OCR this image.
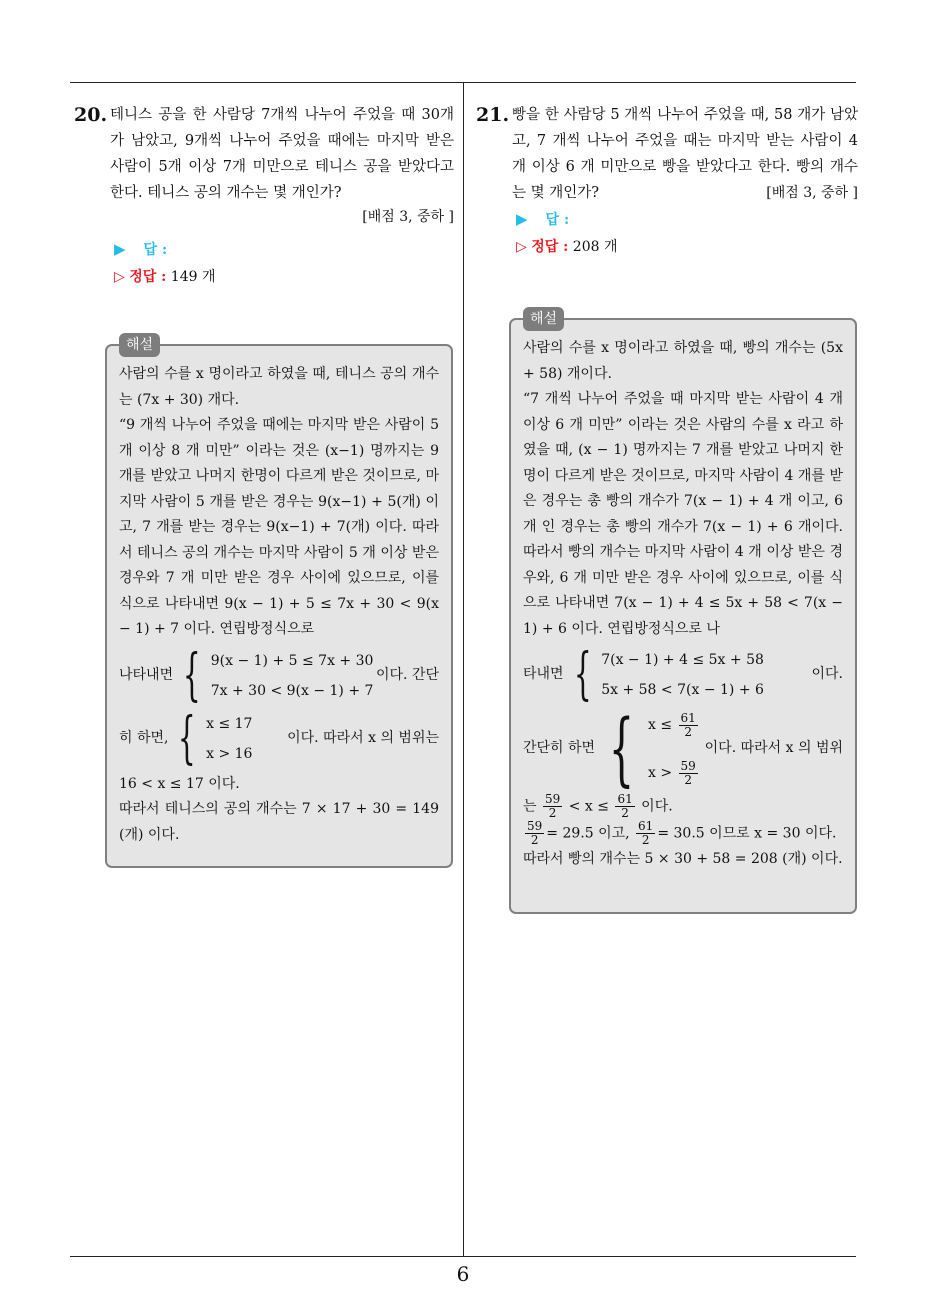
6
20. 테니스 공을 한 사람당 7개씩 나누어 주었을 때 30개가 남았고, 9개씩 나누어 주었을 때에는 마지막 받은 사람이 5개 이상 7개 미만으로 테니스 공을 받았다고 한다. 테니스 공의 개수는 몇 개인가?
[배점 3, 중하 ]
▶ 답 :
▷ 정답 : 149 개
해설
사람의 수를 x 명이라고 하였을 때, 테니스 공의 개수는 (7x + 30) 개다.
“9 개씩 나누어 주었을 때에는 마지막 받은 사람이 5 개 이상 8 개 미만” 이라는 것은 (x−1) 명까지는 9 개를 받았고 나머지 한명이 다르게 받은 것이므로, 마지막 사람이 5 개를 받은 경우는 9(x−1) + 5(개) 이고, 7 개를 받는 경우는 9(x−1) + 7(개) 이다. 따라서 테니스 공의 개수는 마지막 사람이 5 개 이상 받은 경우와 7 개 미만 받은 경우 사이에 있으므로, 이를 식으로 나타내면 9(x − 1) + 5 ≤ 7x + 30 < 9(x − 1) + 7 이다. 연립방정식으로
나타내면 { 9(x − 1) + 5 ≤ 7x + 30
7x + 30 < 9(x − 1) + 7
이다. 간단
히 하면, { x ≤ 17
x > 16
이다. 따라서 x 의 범위는
16 < x ≤ 17 이다.
따라서 테니스의 공의 개수는 7 × 17 + 30 = 149 (개) 이다.
21. 빵을 한 사람당 5 개씩 나누어 주었을 때, 58 개가 남았고, 7 개씩 나누어 주었을 때는 마지막 받는 사람이 4 개 이상 6 개 미만으로 빵을 받았다고 한다. 빵의 개수는 몇 개인가?	[배점 3, 중하 ]
▶ 답 :
▷ 정답 : 208 개
해설
사람의 수를 x 명이라고 하였을 때, 빵의 개수는 (5x + 58) 개이다.
“7 개씩 나누어 주었을 때 마지막 받는 사람이 4 개 이상 6 개 미만” 이라는 것은 사람의 수를 x 라고 하였을 때, (x − 1) 명까지는 7 개를 받았고 나머지 한 명이 다르게 받은 것이므로, 마지막 사람이 4 개를 받은 경우는 총 빵의 개수가 7(x − 1) + 4 개 이고, 6 개 인 경우는 총 빵의 개수가 7(x − 1) + 6 개이다. 따라서 빵의 개수는 마지막 사람이 4 개 이상 받은 경우와, 6 개 미만 받은 경우 사이에 있으므로, 이를 식으로 나타내면 7(x − 1) + 4 ≤ 5x + 58 < 7(x − 1) + 6 이다. 연립방정식으로 나
타내면 { 7(x − 1) + 4 ≤ 5x + 58
5x + 58 < 7(x − 1) + 6
이다.
간단히 하면 { $x \le \frac{61}{2}$
$x > \frac{59}{2}$
이다. 따라서 x 의 범위
는 $\frac{59}{2} < x \le \frac{61}{2}$ 이다.
$\frac{59}{2} = 29.5$ 이고, $\frac{61}{2} = 30.5$ 이므로 x = 30 이다.
따라서 빵의 개수는 5 × 30 + 58 = 208 (개) 이다.
